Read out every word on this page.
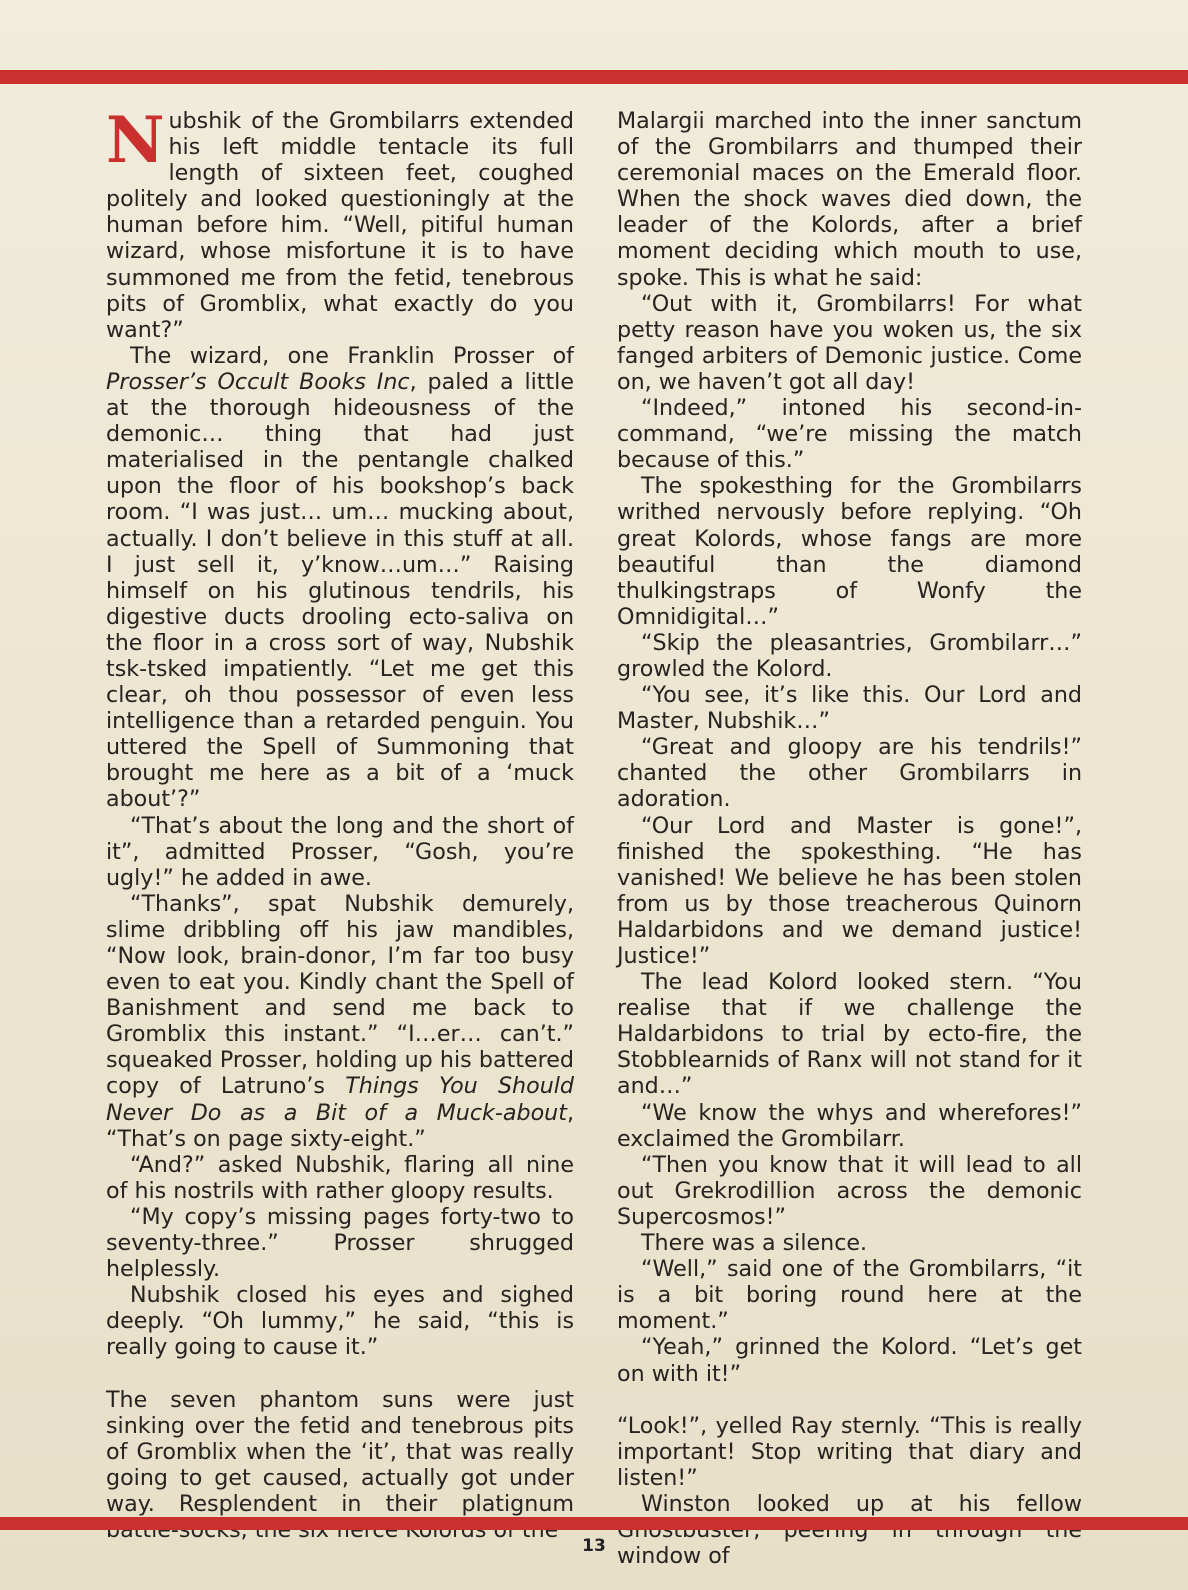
Nubshik of the Grombilarrs extended his left middle tentacle its full length of sixteen feet, coughed politely and looked questioningly at the human before him. “Well, pitiful human wizard, whose misfortune it is to have summoned me from the fetid, tenebrous pits of Gromblix, what exactly do you want?”

The wizard, one Franklin Prosser of Prosser’s Occult Books Inc, paled a little at the thorough hideousness of the demonic… thing that had just materialised in the pentangle chalked upon the floor of his bookshop’s back room. “I was just… um… mucking about, actually. I don’t believe in this stuff at all. I just sell it, y’know…um…” Raising himself on his glutinous tendrils, his digestive ducts drooling ecto-saliva on the floor in a cross sort of way, Nubshik tsk-tsked impatiently. “Let me get this clear, oh thou possessor of even less intelligence than a retarded penguin. You uttered the Spell of Summoning that brought me here as a bit of a ‘muck about’?”

“That’s about the long and the short of it”, admitted Prosser, “Gosh, you’re ugly!” he added in awe.

“Thanks”, spat Nubshik demurely, slime dribbling off his jaw mandibles, “Now look, brain-donor, I’m far too busy even to eat you. Kindly chant the Spell of Banishment and send me back to Gromblix this instant.” “I…er… can’t.” squeaked Prosser, holding up his battered copy of Latruno’s Things You Should Never Do as a Bit of a Muck-about, “That’s on page sixty-eight.”

“And?” asked Nubshik, flaring all nine of his nostrils with rather gloopy results.

“My copy’s missing pages forty-two to seventy-three.” Prosser shrugged helplessly.

Nubshik closed his eyes and sighed deeply. “Oh lummy,” he said, “this is really going to cause it.”

The seven phantom suns were just sinking over the fetid and tenebrous pits of Gromblix when the ‘it’, that was really going to get caused, actually got under way. Resplendent in their platignum

Malargii marched into the inner sanctum of the Grombilarrs and thumped their ceremonial maces on the Emerald floor. When the shock waves died down, the leader of the Kolords, after a brief moment deciding which mouth to use, spoke. This is what he said:

“Out with it, Grombilarrs! For what petty reason have you woken us, the six fanged arbiters of Demonic justice. Come on, we haven’t got all day!

“Indeed,” intoned his second-in-command, “we’re missing the match because of this.”

The spokesthing for the Grombilarrs writhed nervously before replying. “Oh great Kolords, whose fangs are more beautiful than the diamond thulkingstraps of Wonfy the Omnidigital…”

“Skip the pleasantries, Grombilarr…” growled the Kolord.

“You see, it’s like this. Our Lord and Master, Nubshik…”

“Great and gloopy are his tendrils!” chanted the other Grombilarrs in adoration.

“Our Lord and Master is gone!”, finished the spokesthing. “He has vanished! We believe he has been stolen from us by those treacherous Quinorn Haldarbidons and we demand justice! Justice!”

The lead Kolord looked stern. “You realise that if we challenge the Haldarbidons to trial by ecto-fire, the Stobblearnids of Ranx will not stand for it and…”

“We know the whys and wherefores!” exclaimed the Grombilarr.

“Then you know that it will lead to all out Grekrodillion across the demonic Supercosmos!”

There was a silence.

“Well,” said one of the Grombilarrs, “it is a bit boring round here at the moment.”

“Yeah,” grinned the Kolord. “Let’s get on with it!”

“Look!”, yelled Ray sternly. “This is really important! Stop writing that diary and listen!”

Winston looked up at his fellow window of

13
